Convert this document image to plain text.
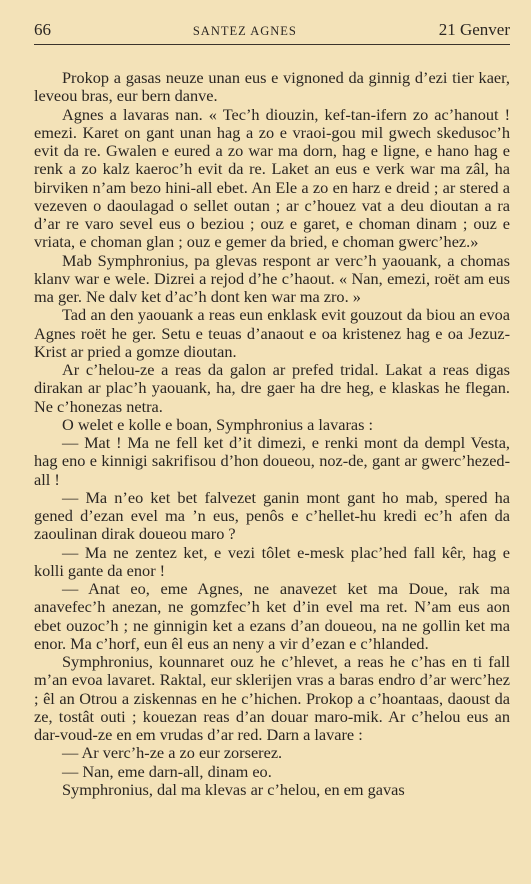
66	SANTEZ AGNES	21 Genver

Prokop a gasas neuze unan eus e vignoned da ginnig d’ezi tier kaer, leveou bras, eur bern danve.

Agnes a lavaras nan. « Tec’h diouzin, kef-tan-ifern zo ac’hanout ! emezi. Karet on gant unan hag a zo e vraoi-gou mil gwech skedusoc’h evit da re. Gwalen e eured a zo war ma dorn, hag e ligne, e hano hag e renk a zo kalz kaeroc’h evit da re. Laket an eus e verk war ma zâl, ha birviken n’am bezo hini-all ebet. An Ele a zo en harz e dreid ; ar stered a vezeven o daoulagad o sellet outan ; ar c’houez vat a deu dioutan a ra d’ar re varo sevel eus o beziou ; ouz e garet, e choman dinam ; ouz e vriata, e choman glan ; ouz e gemer da bried, e choman gwerc’hez.»

Mab Symphronius, pa glevas respont ar verc’h yaouank, a chomas klanv war e wele. Dizrei a rejod d’he c’haout. « Nan, emezi, roët am eus ma ger. Ne dalv ket d’ac’h dont ken war ma zro. »

Tad an den yaouank a reas eun enklask evit gouzout da biou an evoa Agnes roët he ger. Setu e teuas d’anaout e oa kristenez hag e oa Jezuz-Krist ar pried a gomze dioutan.

Ar c’helou-ze a reas da galon ar prefed tridal. Lakat a reas digas dirakan ar plac’h yaouank, ha, dre gaer ha dre heg, e klaskas he flegan. Ne c’honezas netra.

O welet e kolle e boan, Symphronius a lavaras :

— Mat ! Ma ne fell ket d’it dimezi, e renki mont da dempl Vesta, hag eno e kinnigi sakrifisou d’hon doueou, noz-de, gant ar gwerc’hezed-all !

— Ma n’eo ket bet falvezet ganin mont gant ho mab, spered ha gened d’ezan evel ma ’n eus, penôs e c’hellet-hu kredi ec’h afen da zaoulinan dirak doueou maro ?

— Ma ne zentez ket, e vezi tôlet e-mesk plac’hed fall kêr, hag e kolli gante da enor !

— Anat eo, eme Agnes, ne anavezet ket ma Doue, rak ma anavefec’h anezan, ne gomzfec’h ket d’in evel ma ret. N’am eus aon ebet ouzoc’h ; ne ginnigin ket a ezans d’an doueou, na ne gollin ket ma enor. Ma c’horf, eun êl eus an neny a vir d’ezan e c’hlanded.

Symphronius, kounnaret ouz he c’hlevet, a reas he c’has en ti fall m’an evoa lavaret. Raktal, eur sklerijen vras a baras endro d’ar werc’hez ; êl an Otrou a ziskennas en he c’hichen. Prokop a c’hoantaas, daoust da ze, tostât outi ; kouezan reas d’an douar maro-mik. Ar c’helou eus an dar-voud-ze en em vrudas d’ar red. Darn a lavare :

— Ar verc’h-ze a zo eur zorserez.

— Nan, eme darn-all, dinam eo.

Symphronius, dal ma klevas ar c’helou, en em gavas
